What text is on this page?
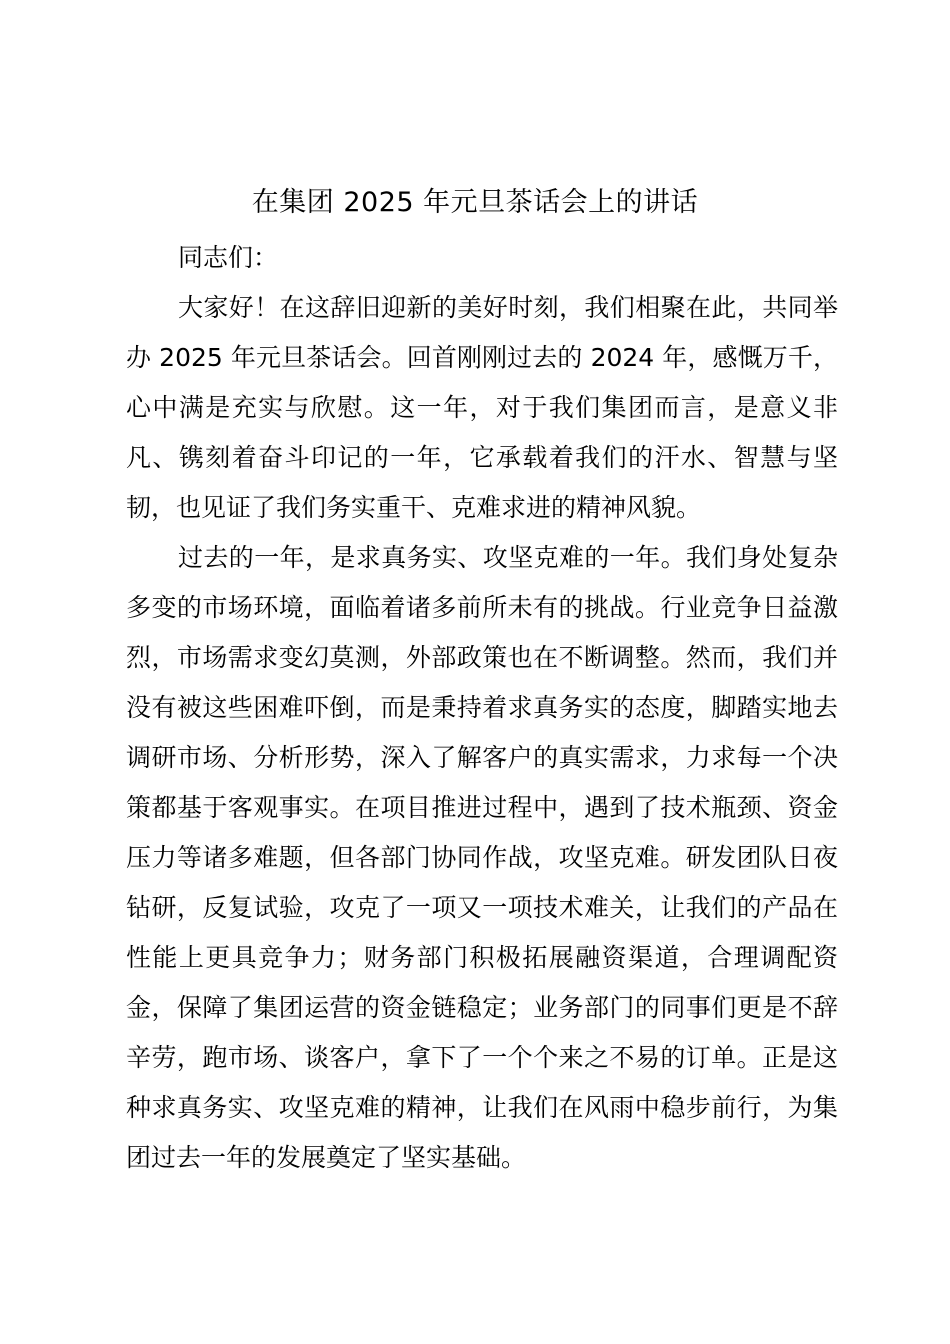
在集团 2025 年元旦茶话会上的讲话

同志们：

大家好！在这辞旧迎新的美好时刻，我们相聚在此，共同举办 2025 年元旦茶话会。回首刚刚过去的 2024 年，感慨万千，心中满是充实与欣慰。这一年，对于我们集团而言，是意义非凡、镌刻着奋斗印记的一年，它承载着我们的汗水、智慧与坚韧，也见证了我们务实重干、克难求进的精神风貌。

过去的一年，是求真务实、攻坚克难的一年。我们身处复杂多变的市场环境，面临着诸多前所未有的挑战。行业竞争日益激烈，市场需求变幻莫测，外部政策也在不断调整。然而，我们并没有被这些困难吓倒，而是秉持着求真务实的态度，脚踏实地去调研市场、分析形势，深入了解客户的真实需求，力求每一个决策都基于客观事实。在项目推进过程中，遇到了技术瓶颈、资金压力等诸多难题，但各部门协同作战，攻坚克难。研发团队日夜钻研，反复试验，攻克了一项又一项技术难关，让我们的产品在性能上更具竞争力；财务部门积极拓展融资渠道，合理调配资金，保障了集团运营的资金链稳定；业务部门的同事们更是不辞辛劳，跑市场、谈客户，拿下了一个个来之不易的订单。正是这种求真务实、攻坚克难的精神，让我们在风雨中稳步前行，为集团过去一年的发展奠定了坚实基础。
